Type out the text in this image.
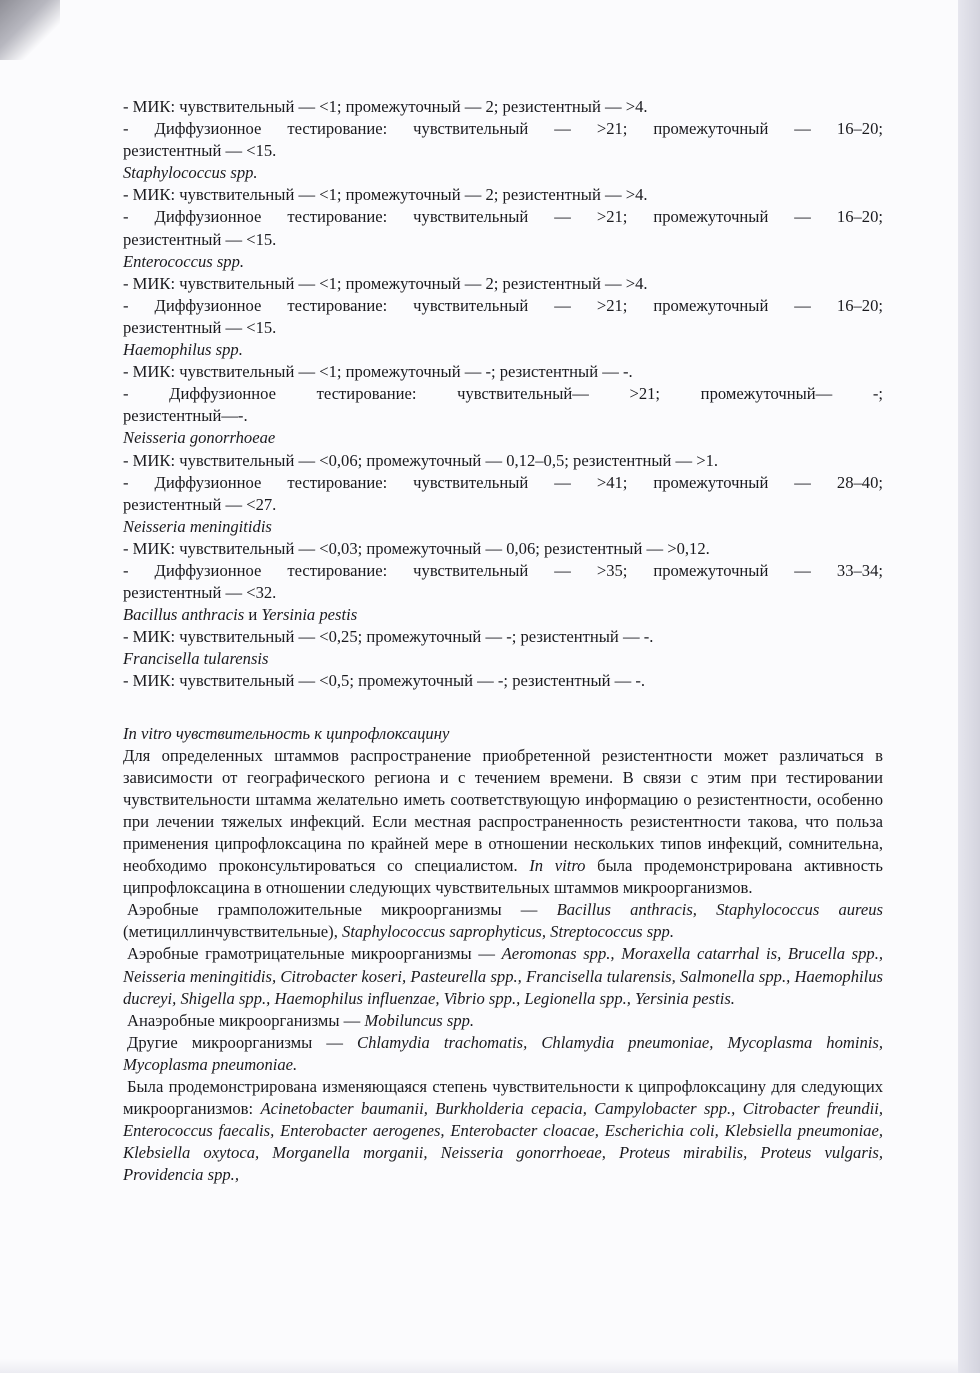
- МИК: чувствительный — <1; промежуточный — 2; резистентный — >4.
- Диффузионное тестирование: чувствительный — >21; промежуточный — 16–20;
резистентный — <15.
Staphylococcus spp.
- МИК: чувствительный — <1; промежуточный — 2; резистентный — >4.
- Диффузионное тестирование: чувствительный — >21; промежуточный — 16–20;
резистентный — <15.
Enterococcus spp.
- МИК: чувствительный — <1; промежуточный — 2; резистентный — >4.
- Диффузионное тестирование: чувствительный — >21; промежуточный — 16–20;
резистентный — <15.
Haemophilus spp.
- МИК: чувствительный — <1; промежуточный — -; резистентный — -.
- Диффузионное тестирование: чувствительный— >21; промежуточный— -;
резистентный—-.
Neisseria gonorrhoeae
- МИК: чувствительный — <0,06; промежуточный — 0,12–0,5; резистентный — >1.
- Диффузионное тестирование: чувствительный — >41; промежуточный — 28–40;
резистентный — <27.
Neisseria meningitidis
- МИК: чувствительный — <0,03; промежуточный — 0,06; резистентный — >0,12.
- Диффузионное тестирование: чувствительный — >35; промежуточный — 33–34;
резистентный — <32.
Bacillus anthracis и Yersinia pestis
- МИК: чувствительный — <0,25; промежуточный — -; резистентный — -.
Francisella tularensis
- МИК: чувствительный — <0,5; промежуточный — -; резистентный — -.
In vitro чувствительность к ципрофлоксацину

Для определенных штаммов распространение приобретенной резистентности может различаться в зависимости от географического региона и с течением времени. В связи с этим при тестировании чувствительности штамма желательно иметь соответствующую информацию о резистентности, особенно при лечении тяжелых инфекций. Если местная распространенность резистентности такова, что польза применения ципрофлоксацина по крайней мере в отношении нескольких типов инфекций, сомнительна, необходимо проконсультироваться со специалистом. In vitro была продемонстрирована активность ципрофлоксацина в отношении следующих чувствительных штаммов микроорганизмов.

Аэробные грамположительные микроорганизмы — Bacillus anthracis, Staphylococcus aureus (метициллинчувствительные), Staphylococcus saprophyticus, Streptococcus spp.

Аэробные грамотрицательные микроорганизмы — Aeromonas spp., Moraxella catarrhal is, Brucella spp., Neisseria meningitidis, Citrobacter koseri, Pasteurella spp., Francisella tularensis, Salmonella spp., Haemophilus ducreyi, Shigella spp., Haemophilus influenzae, Vibrio spp., Legionella spp., Yersinia pestis.

Анаэробные микроорганизмы — Mobiluncus spp.

Другие микроорганизмы — Chlamydia trachomatis, Chlamydia pneumoniae, Mycoplasma hominis, Mycoplasma pneumoniae.

Была продемонстрирована изменяющаяся степень чувствительности к ципрофлоксацину для следующих микроорганизмов: Acinetobacter baumanii, Burkholderia cepacia, Campylobacter spp., Citrobacter freundii, Enterococcus faecalis, Enterobacter aerogenes, Enterobacter cloacae, Escherichia coli, Klebsiella pneumoniae, Klebsiella oxytoca, Morganella morganii, Neisseria gonorrhoeae, Proteus mirabilis, Proteus vulgaris, Providencia spp.,
